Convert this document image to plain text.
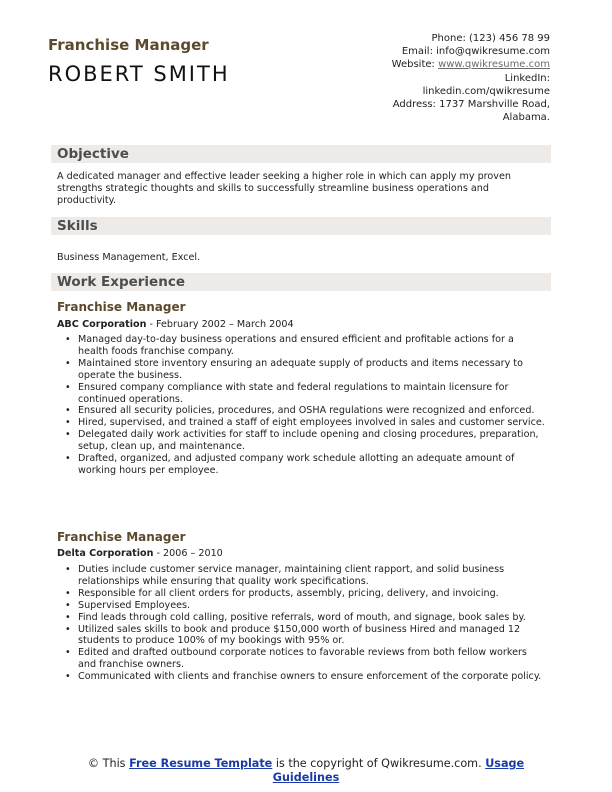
Franchise Manager
ROBERT SMITH
Phone: (123) 456 78 99
Email: info@qwikresume.com
Website: www.qwikresume.com
LinkedIn:
linkedin.com/qwikresume
Address: 1737 Marshville Road,
Alabama.
Objective
A dedicated manager and effective leader seeking a higher role in which can apply my proven strengths strategic thoughts and skills to successfully streamline business operations and productivity.
Skills
Business Management, Excel.
Work Experience
Franchise Manager
ABC Corporation - February 2002 – March 2004
• Managed day-to-day business operations and ensured efficient and profitable actions for a health foods franchise company.
• Maintained store inventory ensuring an adequate supply of products and items necessary to operate the business.
• Ensured company compliance with state and federal regulations to maintain licensure for continued operations.
• Ensured all security policies, procedures, and OSHA regulations were recognized and enforced.
• Hired, supervised, and trained a staff of eight employees involved in sales and customer service.
• Delegated daily work activities for staff to include opening and closing procedures, preparation, setup, clean up, and maintenance.
• Drafted, organized, and adjusted company work schedule allotting an adequate amount of working hours per employee.
Franchise Manager
Delta Corporation - 2006 – 2010
• Duties include customer service manager, maintaining client rapport, and solid business relationships while ensuring that quality work specifications.
• Responsible for all client orders for products, assembly, pricing, delivery, and invoicing.
• Supervised Employees.
• Find leads through cold calling, positive referrals, word of mouth, and signage, book sales by.
• Utilized sales skills to book and produce $150,000 worth of business Hired and managed 12 students to produce 100% of my bookings with 95% or.
• Edited and drafted outbound corporate notices to favorable reviews from both fellow workers and franchise owners.
• Communicated with clients and franchise owners to ensure enforcement of the corporate policy.
© This Free Resume Template is the copyright of Qwikresume.com. Usage Guidelines
